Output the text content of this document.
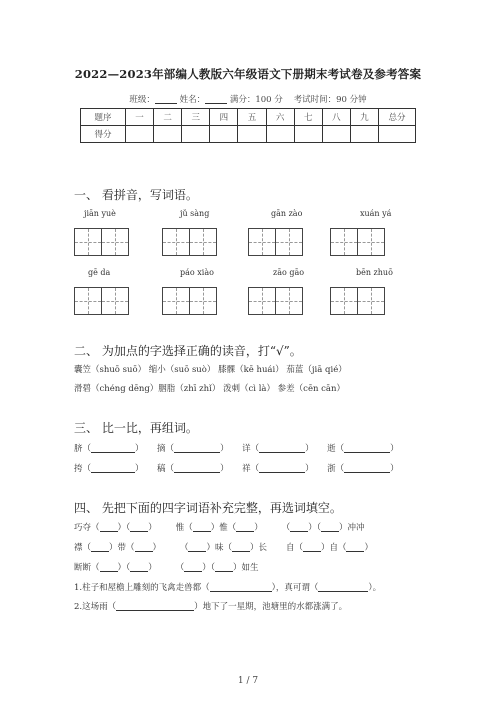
2022—2023年部编人教版六年级语文下册期末考试卷及参考答案
班级：	姓名：	满分：100 分 考试时间：90 分钟
题序	一	二	三	四	五	六	七	八	九	总分
得分										
一、 看拼音，写词语。
jiān yuè	jǔ sàng	gān zào	xuán yá
gē da	páo xiào	zāo gāo	bēn zhuō
二、 为加点的字选择正确的读音，打“√”。
囊笠（shuō suō） 缩小（suō suò） 膝髁（kē huái） 茄蓝（jiā qié）
滑碧（chéng dēng）胭脂（zhī zhǐ） 泼刺（cì là） 参差（cēn cān）
三、 比一比，再组词。
脐（	） 摘（	） 详（	） 逝（	）
挎（	） 稿（	） 祥（	） 浙（	）
四、 先把下面的四字词语补充完整，再选词填空。
巧夺（ ）（ ） 惟（ ）惟（ ） （ ）（ ）冲冲
襟（ ）带（ ） （ ）味（ ）长 自（ ）自（ ）
断断（ ）（ ） （ ）（ ）如生
1.柱子和屋檐上雕刻的飞禽走兽都（	），真可谓（	）。
2.这场雨（	）地下了一星期，池塘里的水都涨满了。
1 / 7
